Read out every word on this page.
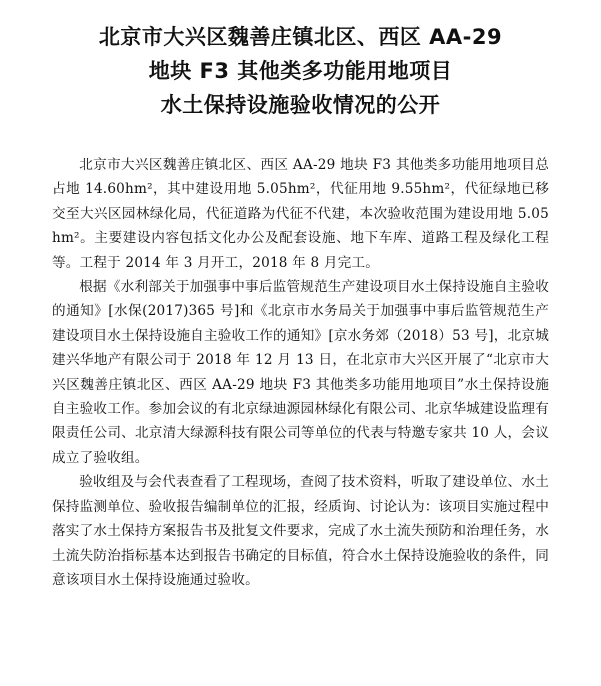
北京市大兴区魏善庄镇北区、西区 AA-29
地块 F3 其他类多功能用地项目
水土保持设施验收情况的公开

北京市大兴区魏善庄镇北区、西区 AA-29 地块 F3 其他类多功能用地项目总占地 14.60hm²，其中建设用地 5.05hm²，代征用地 9.55hm²，代征绿地已移交至大兴区园林绿化局，代征道路为代征不代建，本次验收范围为建设用地 5.05hm²。主要建设内容包括文化办公及配套设施、地下车库、道路工程及绿化工程等。工程于 2014 年 3 月开工，2018 年 8 月完工。

根据《水利部关于加强事中事后监管规范生产建设项目水土保持设施自主验收的通知》[水保(2017)365 号]和《北京市水务局关于加强事中事后监管规范生产建设项目水土保持设施自主验收工作的通知》[京水务郊（2018）53 号]，北京城建兴华地产有限公司于 2018 年 12 月 13 日，在北京市大兴区开展了“北京市大兴区魏善庄镇北区、西区 AA-29 地块 F3 其他类多功能用地项目”水土保持设施自主验收工作。参加会议的有北京绿迪源园林绿化有限公司、北京华城建设监理有限责任公司、北京清大绿源科技有限公司等单位的代表与特邀专家共 10 人，会议成立了验收组。

验收组及与会代表查看了工程现场，查阅了技术资料，听取了建设单位、水土保持监测单位、验收报告编制单位的汇报，经质询、讨论认为：该项目实施过程中落实了水土保持方案报告书及批复文件要求，完成了水土流失预防和治理任务，水土流失防治指标基本达到报告书确定的目标值，符合水土保持设施验收的条件，同意该项目水土保持设施通过验收。
